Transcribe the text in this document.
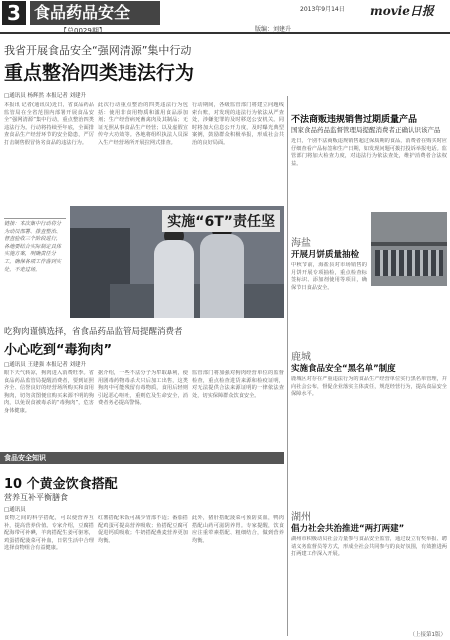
3 食品药品安全
【总0029期】
2013年9月14日 movie日报
版编：刘建升
我省开展食品安全“强网清源”集中行动
重点整治四类违法行为
□通讯员 杨辉然 本报记者 刘建升
本报讯 记者(通讯员)近日，省食品药品监管局在全省范围内部署开展食品安全“强网清源”集中行动，重点整治四类违法行为。行动将持续至年底，全面排查食品生产经营环节的安全隐患，严厉打击制售假冒伪劣食品的违法行为。
此次行动重点整治的四类违法行为包括：使用非食用物质和滥用食品添加剂；生产经营病死畜禽肉及其制品；无证无照从事食品生产经营；以及虚假宣传夸大功效等。各地将组织执法人员深入生产经营场所开展拉网式排查。
行动期间，各级监管部门将建立问题线索台账，对发现的违法行为依法从严查处，涉嫌犯罪的及时移送公安机关。同时将加大信息公开力度，及时曝光典型案例，鼓励群众积极举报，形成社会共治的良好局面。
链接：本次集中行动将分为动员部署、排查整治、督查验收三个阶段进行，各地要结合实际制定具体实施方案，明确责任分工，确保各项工作落到实处，不走过场。
实施“6T”责任坚
吃狗肉谨慎选择，省食品药品监管局提醒消费者
小心吃到“毒狗肉”
□通讯员 王建强 本报记者 刘建升
眼下天气转凉，狗肉进入消费旺季。省食品药品监管局提醒消费者，要到证照齐全、信誉良好的经营场所购买和食用狗肉，切勿贪图便宜购买来源不明的狗肉，以免误食被毒杀的“毒狗肉”，危害身体健康。
据介绍，一些不法分子为牟取暴利，使用剧毒药物毒杀犬只后加工出售，这类狗肉中可能残留有毒物质，食用后轻则引起恶心呕吐，重则危及生命安全，消费者务必提高警惕。
监管部门将加强对狗肉经营单位的监督检查，重点检查进货来源和检疫证明，对无法提供合法来源证明的一律依法查处，切实保障群众饮食安全。
食品安全知识
10 个黄金饮食搭配
营养互补平衡膳食
□通讯员
食物之间的科学搭配，可以使营养互补，提高营养价值。专家介绍，豆腐搭配海带可补碘，羊肉搭配生姜可驱寒，鸡蛋搭配菠菜可补血，日常生活中合理选择食物组合有益健康。
红薯搭配米饭可减少胃部不适；番茄搭配鸡蛋可提高营养吸收；鱼搭配豆腐可促进钙质吸收；牛奶搭配燕麦营养更加均衡。
此外，猪肝搭配菠菜可预防贫血，鸭肉搭配山药可滋阴养胃。专家提醒，饮食应注重荤素搭配、粗细结合，做到营养均衡。
不法商贩违规销售过期质量产品
国家食品药品监督管理局提醒消费者正确认识该产品
近日，个别不法商贩违规销售超过保质期的食品，消费者在购买时应仔细查看产品标签和生产日期，如发现问题可拨打投诉举报电话。监管部门将加大检查力度，对违法行为依法查处，维护消费者合法权益。
海盐
开展月饼质量抽检
中秋节前，海盐县对市场销售的月饼开展专项抽检，重点检查标签标识、添加剂使用等项目，确保节日食品安全。
鹿城
实施食品安全“黑名单”制度
鹿城区对存在严重违法行为的食品生产经营单位实行黑名单管理，并向社会公布，督促企业落实主体责任，规范经营行为，提高食品安全保障水平。
湖州
倡力社会共治推进“两打两建”
湖州市积极动员社会力量参与食品安全监管，通过设立有奖举报、聘请义务监督员等方式，形成全社会共同参与的良好氛围，有效推进两打两建工作深入开展。
（上接第1版）
